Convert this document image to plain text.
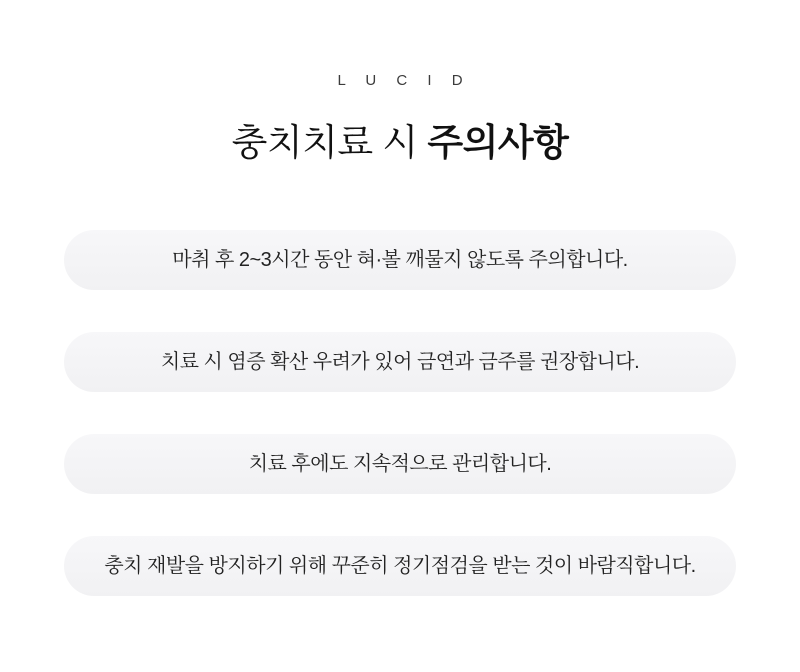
L U C I D
충치치료 시 주의사항
마취 후 2~3시간 동안 혀·볼 깨물지 않도록 주의합니다.
치료 시 염증 확산 우려가 있어 금연과 금주를 권장합니다.
치료 후에도 지속적으로 관리합니다.
충치 재발을 방지하기 위해 꾸준히 정기점검을 받는 것이 바람직합니다.
